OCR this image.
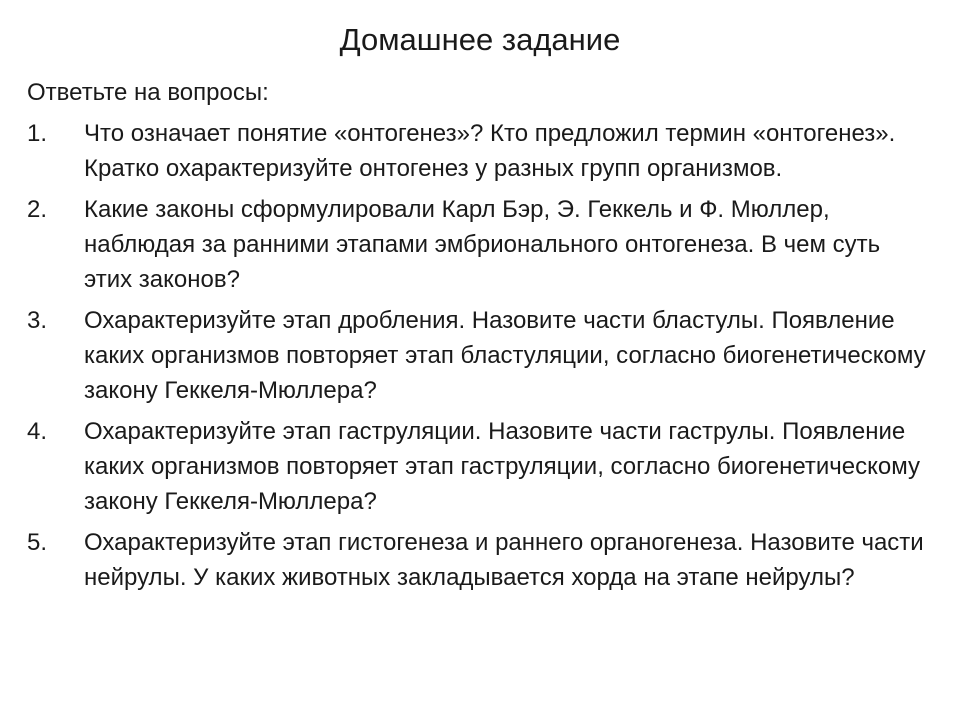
Домашнее задание

Ответьте на вопросы:

1. Что означает понятие «онтогенез»? Кто предложил термин «онтогенез». Кратко охарактеризуйте онтогенез у разных групп организмов.
2. Какие законы сформулировали Карл Бэр, Э. Геккель и Ф. Мюллер, наблюдая за ранними этапами эмбрионального онтогенеза. В чем суть этих законов?
3. Охарактеризуйте этап дробления. Назовите части бластулы. Появление каких организмов повторяет этап бластуляции, согласно биогенетическому закону Геккеля-Мюллера?
4. Охарактеризуйте этап гаструляции. Назовите части гаструлы. Появление каких организмов повторяет этап гаструляции, согласно биогенетическому закону Геккеля-Мюллера?
5. Охарактеризуйте этап гистогенеза и раннего органогенеза. Назовите части нейрулы. У каких животных закладывается хорда на этапе нейрулы?
